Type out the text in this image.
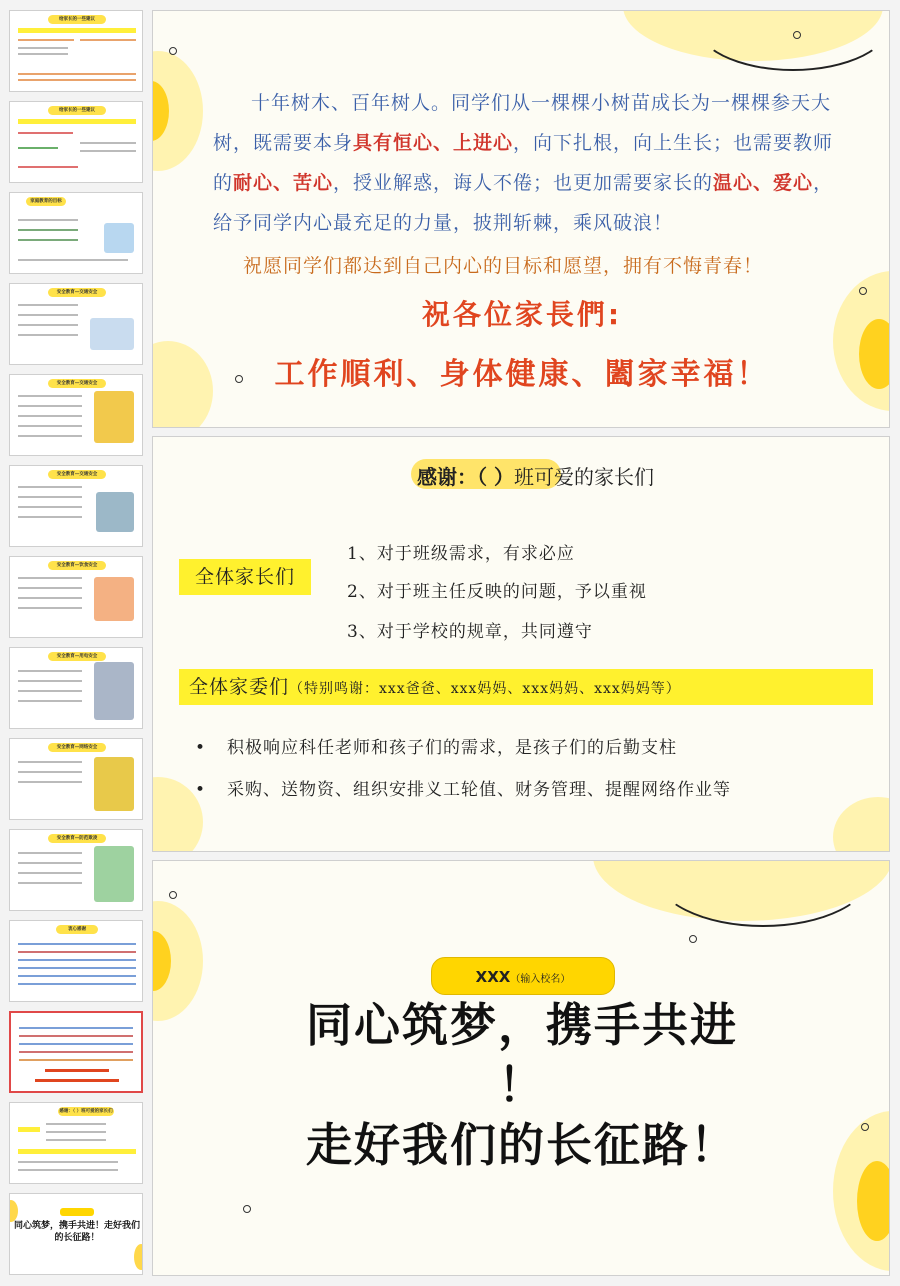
给家长的一些建议
给家长的一些建议
家庭教育的目标
安全教育—交通安全
安全教育—交通安全
安全教育—交通安全
安全教育—饮食安全
安全教育—用电安全
安全教育—网络安全
安全教育—防范欺凌
衷心感谢
感谢：（ ）班可爱的家长们
同心筑梦，携手共进！走好我们的长征路！
十年树木、百年树人。同学们从一棵棵小树苗成长为一棵棵参天大树，既需要本身具有恒心、上进心，向下扎根，向上生长；也需要教师的耐心、苦心，授业解惑，诲人不倦；也更加需要家长的温心、爱心，给予同学内心最充足的力量，披荆斩棘，乘风破浪！
祝愿同学们都达到自己内心的目标和愿望，拥有不悔青春！
祝各位家長們:
工作順利、身体健康、闔家幸福！
感谢：（ ）班可爱的家长们
全体家长们
1、对于班级需求，有求必应
2、对于班主任反映的问题，予以重视
3、对于学校的规章，共同遵守
全体家委们（特别鸣谢：xxx爸爸、xxx妈妈、xxx妈妈、xxx妈妈等）
• 积极响应科任老师和孩子们的需求，是孩子们的后勤支柱
• 采购、送物资、组织安排义工轮值、财务管理、提醒网络作业等
XXX（输入校名）
同心筑梦，携手共进
！
走好我们的长征路！
